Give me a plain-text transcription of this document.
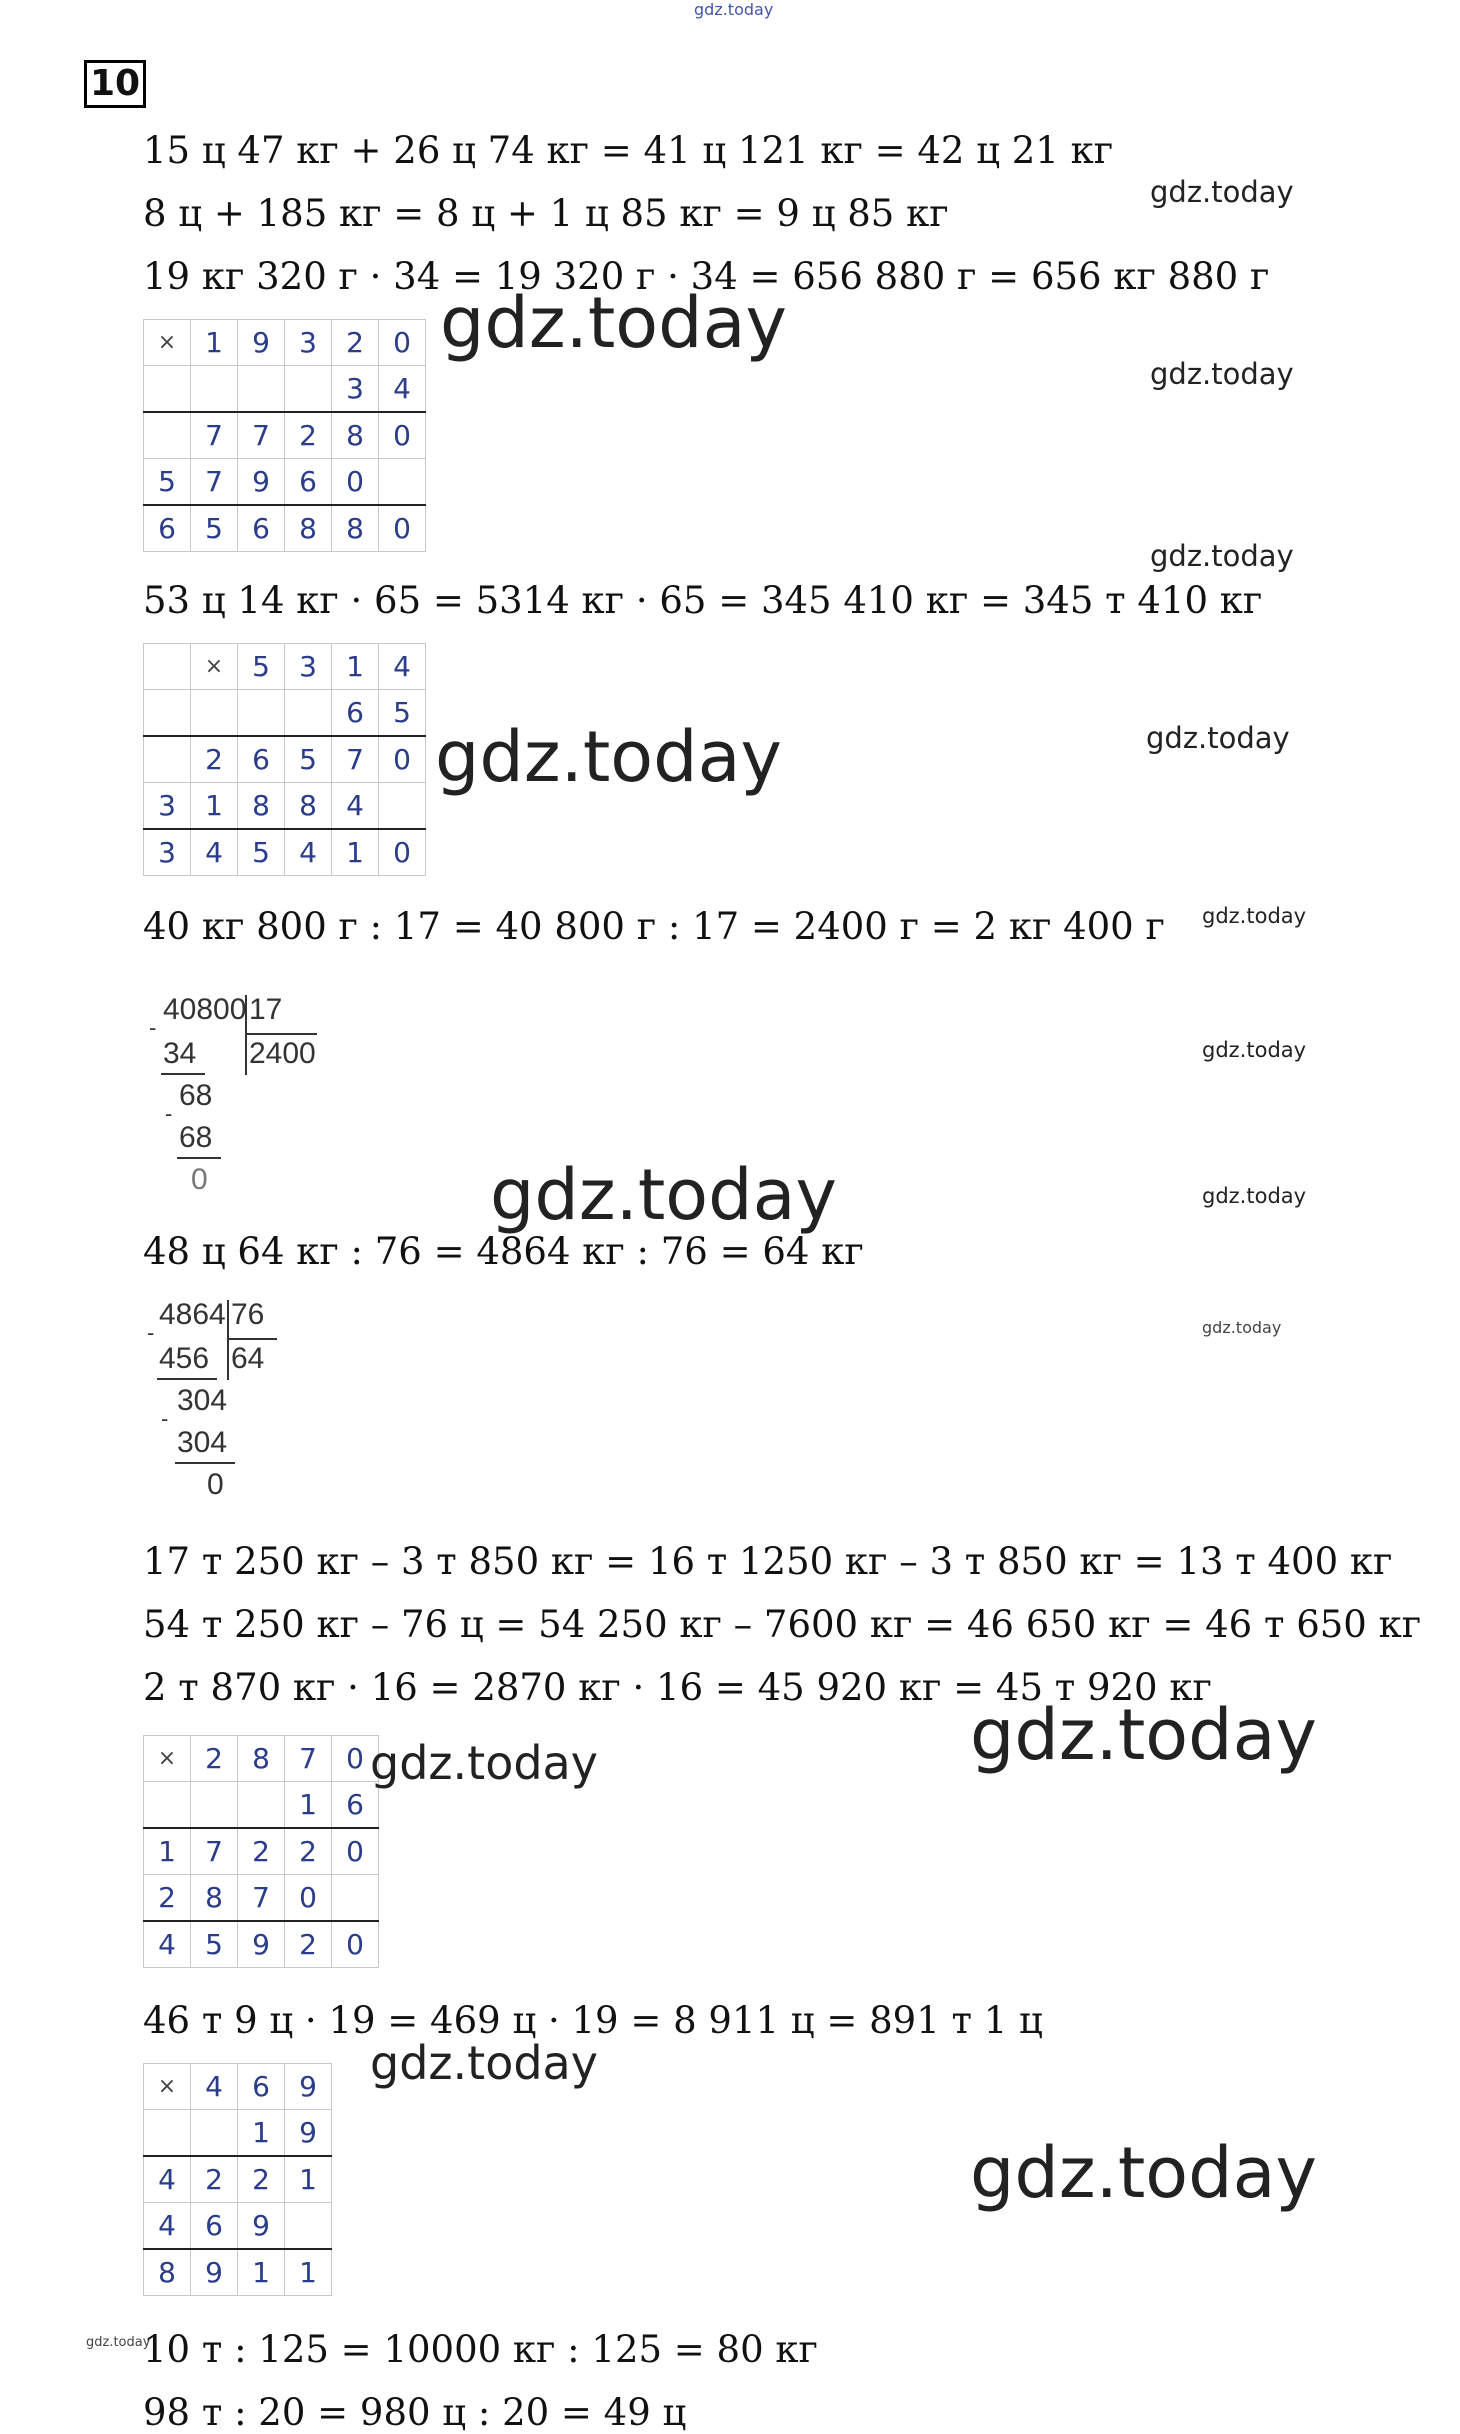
gdz.today
10
15 ц 47 кг + 26 ц 74 кг = 41 ц 121 кг = 42 ц 21 кг
8 ц + 185 кг = 8 ц + 1 ц 85 кг = 9 ц 85 кг
19 кг 320 г · 34 = 19 320 г · 34 = 656 880 г = 656 кг 880 г
×	1	9	3	2	0
				3	4
	7	7	2	8	0
5	7	9	6	0	
6	5	6	8	8	0
53 ц 14 кг · 65 = 5314 кг · 65 = 345 410 кг = 345 т 410 кг
	×	5	3	1	4
				6	5
	2	6	5	7	0
3	1	8	8	4	
3	4	5	4	1	0
40 кг 800 г : 17 = 40 800 г : 17 = 2400 г = 2 кг 400 г
40800 17
2400
-
34
68
-
68
0
48 ц 64 кг : 76 = 4864 кг : 76 = 64 кг
4864 76
64
-
456
304
-
304
0
17 т 250 кг – 3 т 850 кг = 16 т 1250 кг – 3 т 850 кг = 13 т 400 кг
54 т 250 кг – 76 ц = 54 250 кг – 7600 кг = 46 650 кг = 46 т 650 кг
2 т 870 кг · 16 = 2870 кг · 16 = 45 920 кг = 45 т 920 кг
×	2	8	7	0
			1	6
1	7	2	2	0
2	8	7	0	
4	5	9	2	0
46 т 9 ц · 19 = 469 ц · 19 = 8 911 ц = 891 т 1 ц
×	4	6	9
		1	9
4	2	2	1
4	6	9	
8	9	1	1
10 т : 125 = 10000 кг : 125 = 80 кг
98 т : 20 = 980 ц : 20 = 49 ц
gdz.today
gdz.today
gdz.today
gdz.today
gdz.today	gdz.today
gdz.today
gdz.today
gdz.today	gdz.today
gdz.today
gdz.today
gdz.today
gdz.today
gdz.today
gdz.today
